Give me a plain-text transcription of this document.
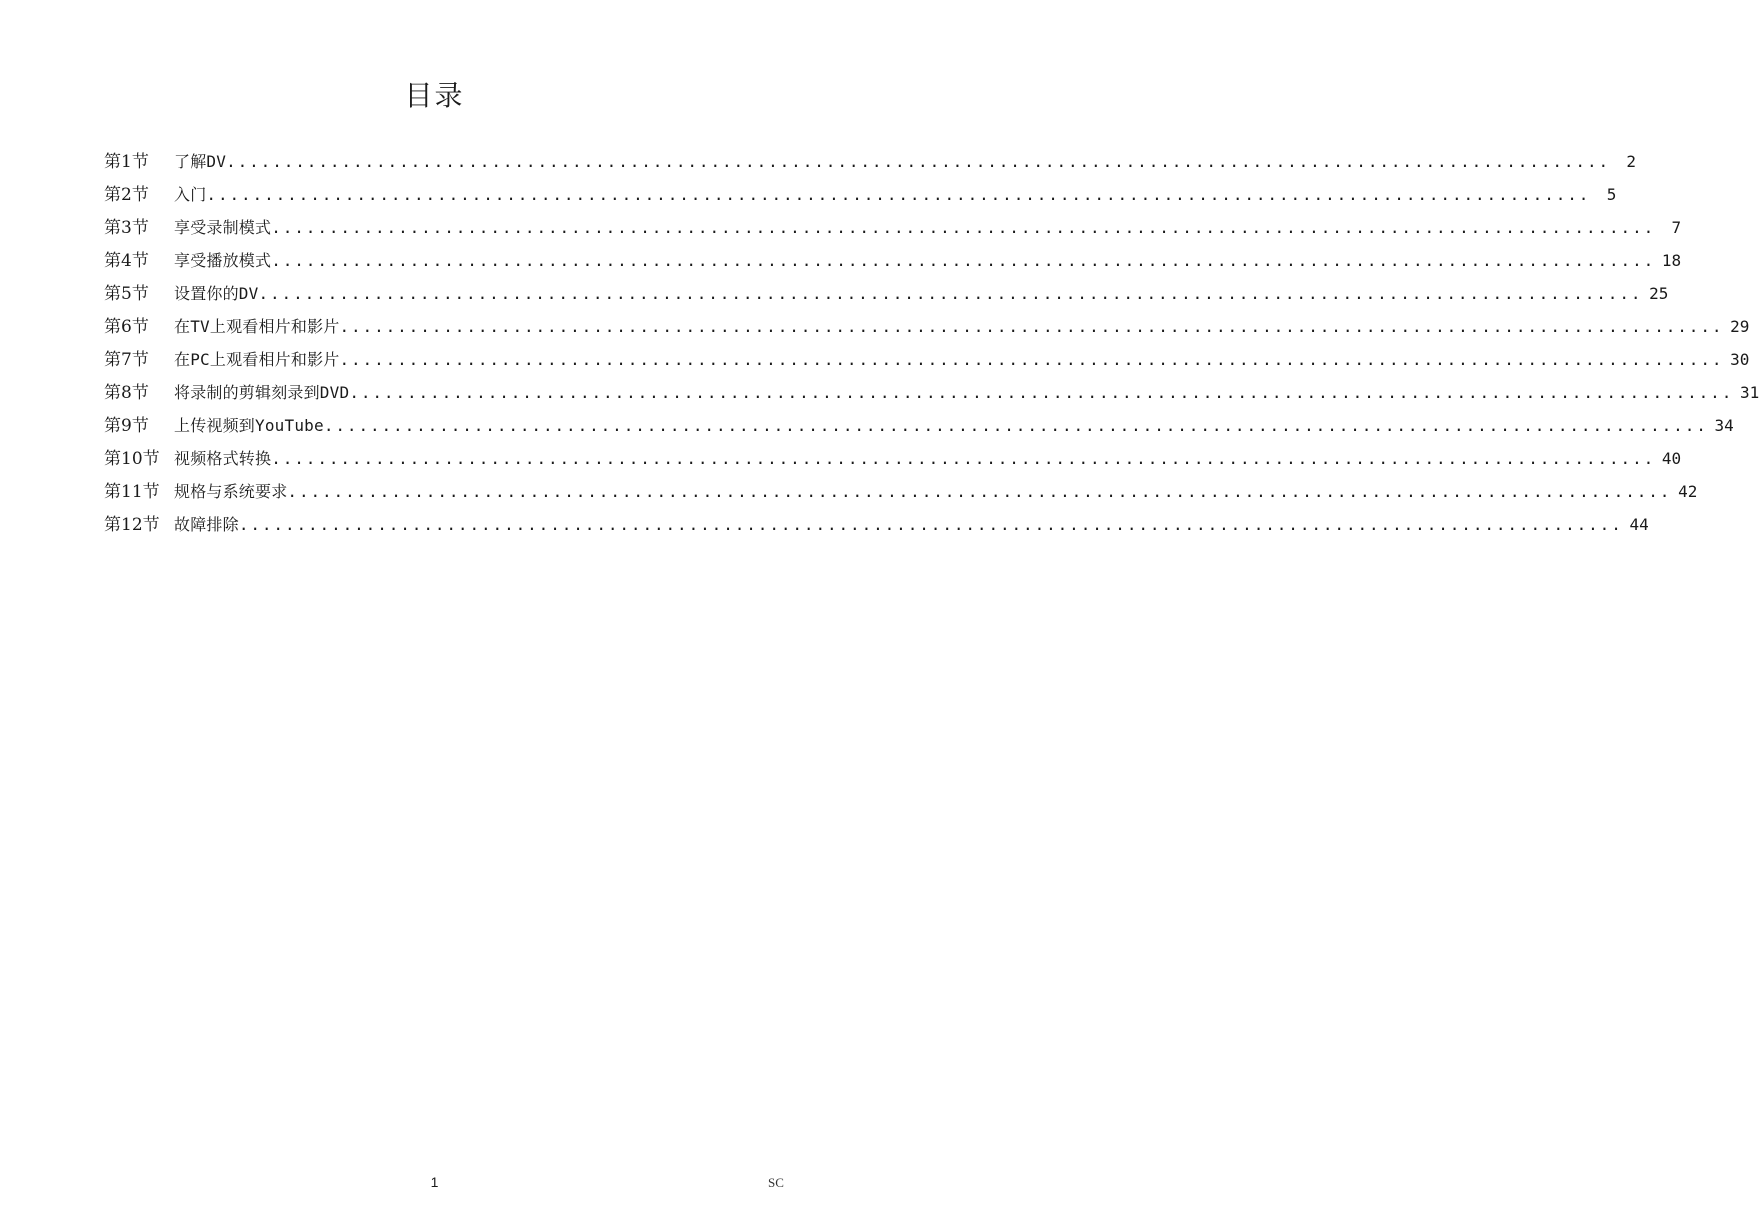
目录
第1节	了解DV ........................................................................................................................	2
第2节	入门 ........................................................................................................................	5
第3节	享受录制模式 ........................................................................................................................	7
第4节	享受播放模式 ........................................................................................................................ 18
第5节	设置你的DV ........................................................................................................................ 25
第6节	在TV上观看相片和影片 ........................................................................................................................ 29
第7节	在PC上观看相片和影片 ........................................................................................................................ 30
第8节	将录制的剪辑刻录到DVD ........................................................................................................................ 31
第9节	上传视频到YouTube ........................................................................................................................ 34
第10节 视频格式转换 ........................................................................................................................ 40
第11节 规格与系统要求 ........................................................................................................................ 42
第12节 故障排除 ........................................................................................................................ 44
1	SC
